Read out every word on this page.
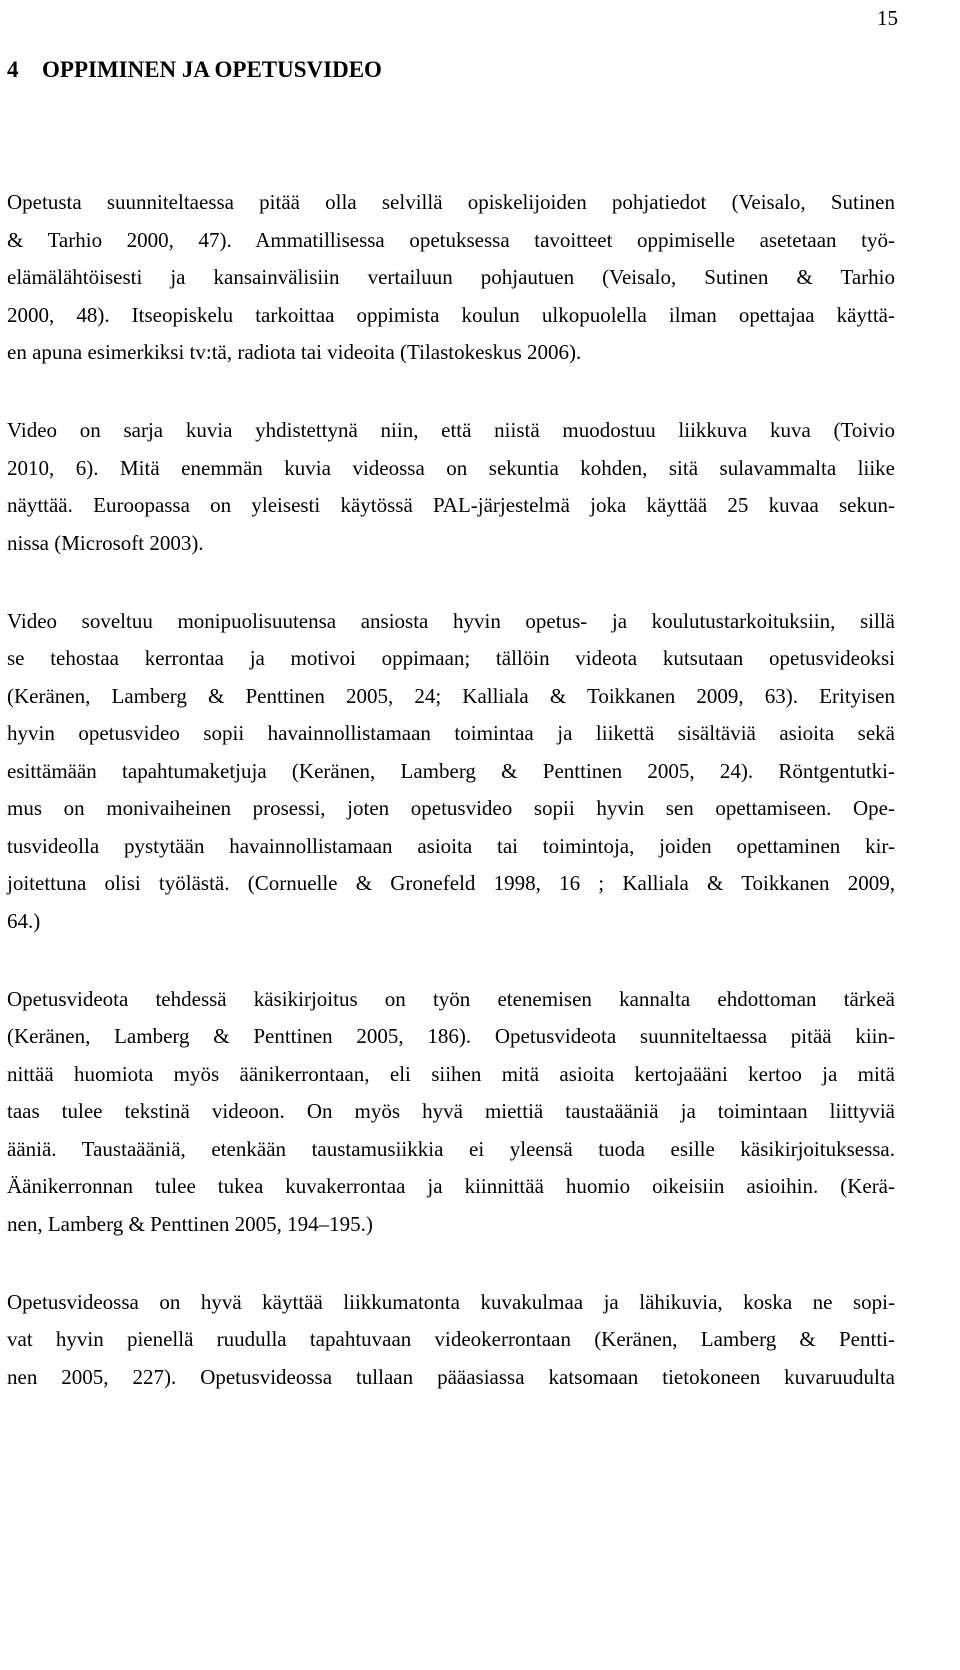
15
4 OPPIMINEN JA OPETUSVIDEO

Opetusta suunniteltaessa pitää olla selvillä opiskelijoiden pohjatiedot (Veisalo, Sutinen
& Tarhio 2000, 47). Ammatillisessa opetuksessa tavoitteet oppimiselle asetetaan työ-
elämälähtöisesti ja kansainvälisiin vertailuun pohjautuen (Veisalo, Sutinen & Tarhio
2000, 48). Itseopiskelu tarkoittaa oppimista koulun ulkopuolella ilman opettajaa käyttä-
en apuna esimerkiksi tv:tä, radiota tai videoita (Tilastokeskus 2006).

Video on sarja kuvia yhdistettynä niin, että niistä muodostuu liikkuva kuva (Toivio
2010, 6). Mitä enemmän kuvia videossa on sekuntia kohden, sitä sulavammalta liike
näyttää. Euroopassa on yleisesti käytössä PAL-järjestelmä joka käyttää 25 kuvaa sekun-
nissa (Microsoft 2003).

Video soveltuu monipuolisuutensa ansiosta hyvin opetus- ja koulutustarkoituksiin, sillä
se tehostaa kerrontaa ja motivoi oppimaan; tällöin videota kutsutaan opetusvideoksi
(Keränen, Lamberg & Penttinen 2005, 24; Kalliala & Toikkanen 2009, 63). Erityisen
hyvin opetusvideo sopii havainnollistamaan toimintaa ja liikettä sisältäviä asioita sekä
esittämään tapahtumaketjuja (Keränen, Lamberg & Penttinen 2005, 24). Röntgentutki-
mus on monivaiheinen prosessi, joten opetusvideo sopii hyvin sen opettamiseen. Ope-
tusvideolla pystytään havainnollistamaan asioita tai toimintoja, joiden opettaminen kir-
joitettuna olisi työlästä. (Cornuelle & Gronefeld 1998, 16 ; Kalliala & Toikkanen 2009,
64.)

Opetusvideota tehdessä käsikirjoitus on työn etenemisen kannalta ehdottoman tärkeä
(Keränen, Lamberg & Penttinen 2005, 186). Opetusvideota suunniteltaessa pitää kiin-
nittää huomiota myös äänikerrontaan, eli siihen mitä asioita kertojaääni kertoo ja mitä
taas tulee tekstinä videoon. On myös hyvä miettiä taustaääniä ja toimintaan liittyviä
ääniä. Taustaääniä, etenkään taustamusiikkia ei yleensä tuoda esille käsikirjoituksessa.
Äänikerronnan tulee tukea kuvakerrontaa ja kiinnittää huomio oikeisiin asioihin. (Kerä-
nen, Lamberg & Penttinen 2005, 194–195.)

Opetusvideossa on hyvä käyttää liikkumatonta kuvakulmaa ja lähikuvia, koska ne sopi-
vat hyvin pienellä ruudulla tapahtuvaan videokerrontaan (Keränen, Lamberg & Pentti-
nen 2005, 227). Opetusvideossa tullaan pääasiassa katsomaan tietokoneen kuvaruudulta
